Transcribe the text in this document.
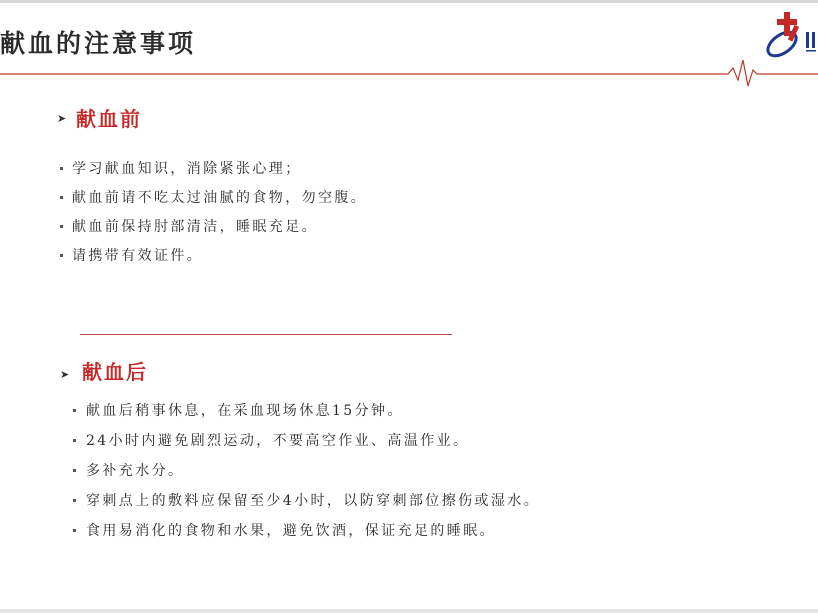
献血的注意事项
➤ 献血前
学习献血知识，消除紧张心理；
献血前请不吃太过油腻的食物，勿空腹。
献血前保持肘部清洁，睡眠充足。
请携带有效证件。
➤ 献血后
献血后稍事休息，在采血现场休息15分钟。
24小时内避免剧烈运动，不要高空作业、高温作业。
多补充水分。
穿刺点上的敷料应保留至少4小时，以防穿刺部位擦伤或湿水。
食用易消化的食物和水果，避免饮酒，保证充足的睡眠。
